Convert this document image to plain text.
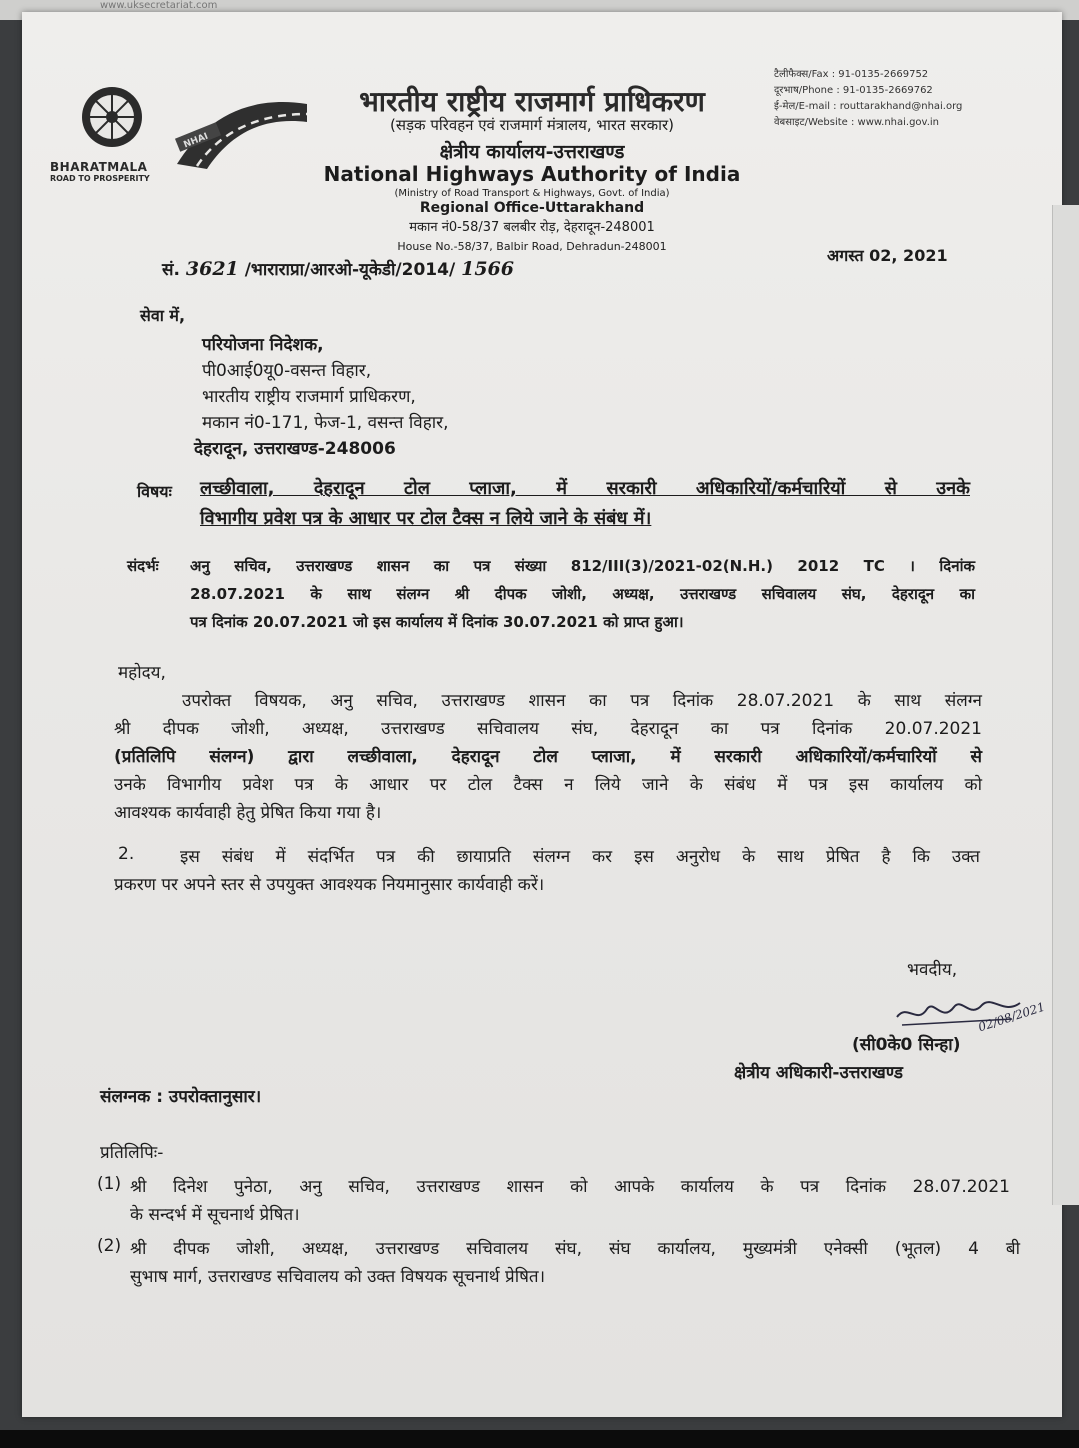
www.uksecretariat.com
BHARATMALA
ROAD TO PROSPERITY
NHAI
भारतीय राष्ट्रीय राजमार्ग प्राधिकरण
(सड़क परिवहन एवं राजमार्ग मंत्रालय, भारत सरकार)
क्षेत्रीय कार्यालय-उत्तराखण्ड
National Highways Authority of India
(Ministry of Road Transport & Highways, Govt. of India)
Regional Office-Uttarakhand
मकान नं0-58/37 बलबीर रोड़, देहरादून-248001
House No.-58/37, Balbir Road, Dehradun-248001
टैलीफैक्स/Fax : 91-0135-2669752
दूरभाष/Phone : 91-0135-2669762
ई-मेल/E-mail : routtarakhand@nhai.org
वेबसाइट/Website : www.nhai.gov.in
सं. 3621 /भाराराप्रा/आरओ-यूकेडी/2014/ 1566
अगस्त 02, 2021
सेवा में,
परियोजना निदेशक,
पी0आई0यू0-वसन्त विहार,
भारतीय राष्ट्रीय राजमार्ग प्राधिकरण,
मकान नं0-171, फेज-1, वसन्त विहार,
देहरादून, उत्तराखण्ड-248006
विषयः लच्छीवाला, देहरादून टोल प्लाजा, में सरकारी अधिकारियों/कर्मचारियों से उनके
विभागीय प्रवेश पत्र के आधार पर टोल टैक्स न लिये जाने के संबंध में।
संदर्भः अनु सचिव, उत्तराखण्ड शासन का पत्र संख्या 812/III(3)/2021-02(N.H.) 2012 TC । दिनांक
28.07.2021 के साथ संलग्न श्री दीपक जोशी, अध्यक्ष, उत्तराखण्ड सचिवालय संघ, देहरादून का
पत्र दिनांक 20.07.2021 जो इस कार्यालय में दिनांक 30.07.2021 को प्राप्त हुआ।
महोदय,
उपरोक्त विषयक, अनु सचिव, उत्तराखण्ड शासन का पत्र दिनांक 28.07.2021 के साथ संलग्न
श्री दीपक जोशी, अध्यक्ष, उत्तराखण्ड सचिवालय संघ, देहरादून का पत्र दिनांक 20.07.2021
(प्रतिलिपि संलग्न) द्वारा लच्छीवाला, देहरादून टोल प्लाजा, में सरकारी अधिकारियों/कर्मचारियों से
उनके विभागीय प्रवेश पत्र के आधार पर टोल टैक्स न लिये जाने के संबंध में पत्र इस कार्यालय को
आवश्यक कार्यवाही हेतु प्रेषित किया गया है।
2.	इस संबंध में संदर्भित पत्र की छायाप्रति संलग्न कर इस अनुरोध के साथ प्रेषित है कि उक्त
प्रकरण पर अपने स्तर से उपयुक्त आवश्यक नियमानुसार कार्यवाही करें।
भवदीय,
02/08/2021
(सी0के0 सिन्हा)
क्षेत्रीय अधिकारी-उत्तराखण्ड
संलग्नक : उपरोक्तानुसार।
प्रतिलिपिः-
(1) श्री दिनेश पुनेठा, अनु सचिव, उत्तराखण्ड शासन को आपके कार्यालय के पत्र दिनांक 28.07.2021
के सन्दर्भ में सूचनार्थ प्रेषित।
(2) श्री दीपक जोशी, अध्यक्ष, उत्तराखण्ड सचिवालय संघ, संघ कार्यालय, मुख्यमंत्री एनेक्सी (भूतल) 4 बी
सुभाष मार्ग, उत्तराखण्ड सचिवालय को उक्त विषयक सूचनार्थ प्रेषित।
